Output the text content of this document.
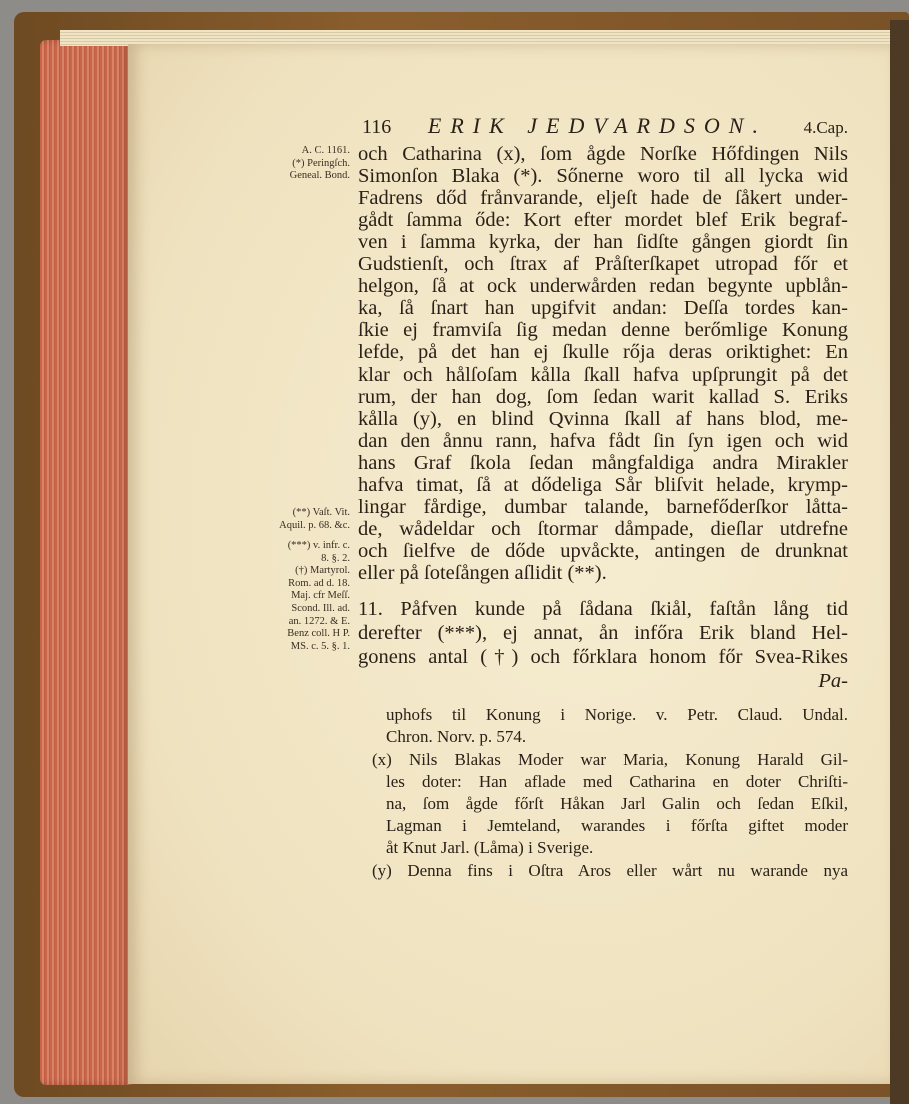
116 ERIK JEDVARDSON. 4.Cap.
A. C. 1161.
(*) Peringſch.
Geneal. Bond.
(**) Vaſt. Vit.
Aquil. p. 68. &c.
(***) v. infr. c.
8. §. 2.
(†) Martyrol.
Rom. ad d. 18.
Maj. cfr Meſſ.
Scond. Ill. ad.
an. 1272. & E.
Benz coll. H P.
MS. c. 5. §. 1.
och Catharina (x), ſom ågde Norſke Hőfdingen Nils
Simonſon Blaka (*). Sőnerne woro til all lycka wid
Fadrens dőd frånvarande, eljeſt hade de ſåkert under-
gådt ſamma őde: Kort efter mordet blef Erik begraf-
ven i ſamma kyrka, der han ſidſte gången giordt ſin
Gudstienſt, och ſtrax af Pråſterſkapet utropad főr et
helgon, ſå at ock underwården redan begynte upblån-
ka, ſå ſnart han upgifvit andan: Deſſa tordes kan-
ſkie ej framviſa ſig medan denne berőmlige Konung
lefde, på det han ej ſkulle rőja deras oriktighet: En
klar och hålſoſam kålla ſkall hafva upſprungit på det
rum, der han dog, ſom ſedan warit kallad S. Eriks
kålla (y), en blind Qvinna ſkall af hans blod, me-
dan den ånnu rann, hafva fådt ſin ſyn igen och wid
hans Graf ſkola ſedan mångfaldiga andra Mirakler
hafva timat, ſå at dődeliga Sår bliſvit helade, krymp-
lingar fårdige, dumbar talande, barnefőderſkor låtta-
de, wådeldar och ſtormar dåmpade, dieſlar utdrefne
och ſielfve de dőde upvåckte, antingen de drunknat
eller på ſoteſången aſlidit (**).
11. Påfven kunde på ſådana ſkiål, faſtån lång tid
derefter (***), ej annat, ån infőra Erik bland Hel-
gonens antal (†) och főrklara honom főr Svea-Rikes
Pa-
uphofs til Konung i Norige. v. Petr. Claud. Undal.
Chron. Norv. p. 574.
(x) Nils Blakas Moder war Maria, Konung Harald Gil-
les doter: Han aflade med Catharina en doter Chriſti-
na, ſom ågde főrſt Håkan Jarl Galin och ſedan Eſkil,
Lagman i Jemteland, warandes i főrſta giftet moder
åt Knut Jarl. (Låma) i Sverige.
(y) Denna fins i Oſtra Aros eller wårt nu warande nya
